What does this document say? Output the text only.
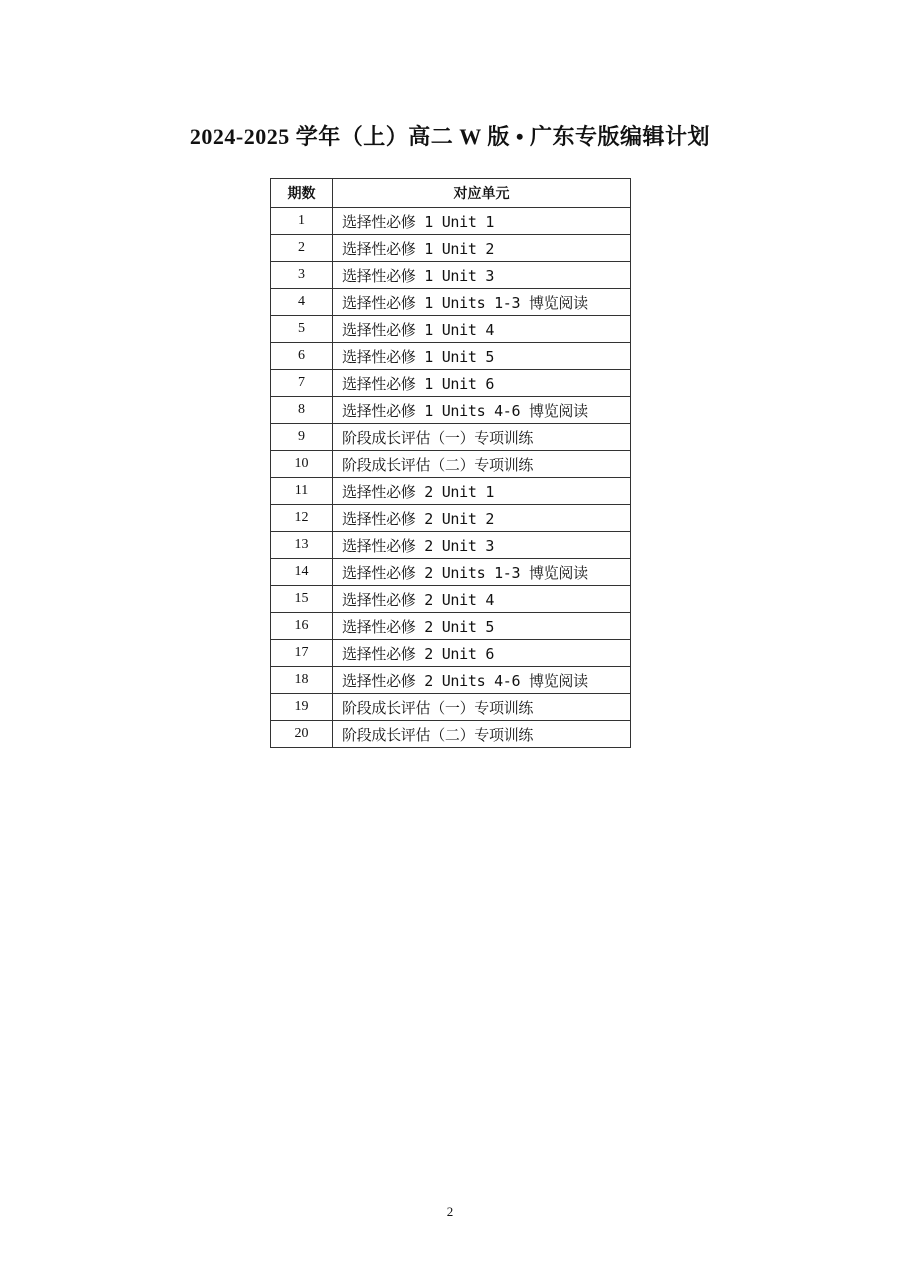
2024-2025 学年（上）高二 W 版 • 广东专版编辑计划
期数	对应单元
1	选择性必修 1 Unit 1
2	选择性必修 1 Unit 2
3	选择性必修 1 Unit 3
4	选择性必修 1 Units 1-3 博览阅读
5	选择性必修 1 Unit 4
6	选择性必修 1 Unit 5
7	选择性必修 1 Unit 6
8	选择性必修 1 Units 4-6 博览阅读
9	阶段成长评估（一）专项训练
10	阶段成长评估（二）专项训练
11	选择性必修 2 Unit 1
12	选择性必修 2 Unit 2
13	选择性必修 2 Unit 3
14	选择性必修 2 Units 1-3 博览阅读
15	选择性必修 2 Unit 4
16	选择性必修 2 Unit 5
17	选择性必修 2 Unit 6
18	选择性必修 2 Units 4-6 博览阅读
19	阶段成长评估（一）专项训练
20	阶段成长评估（二）专项训练
2
